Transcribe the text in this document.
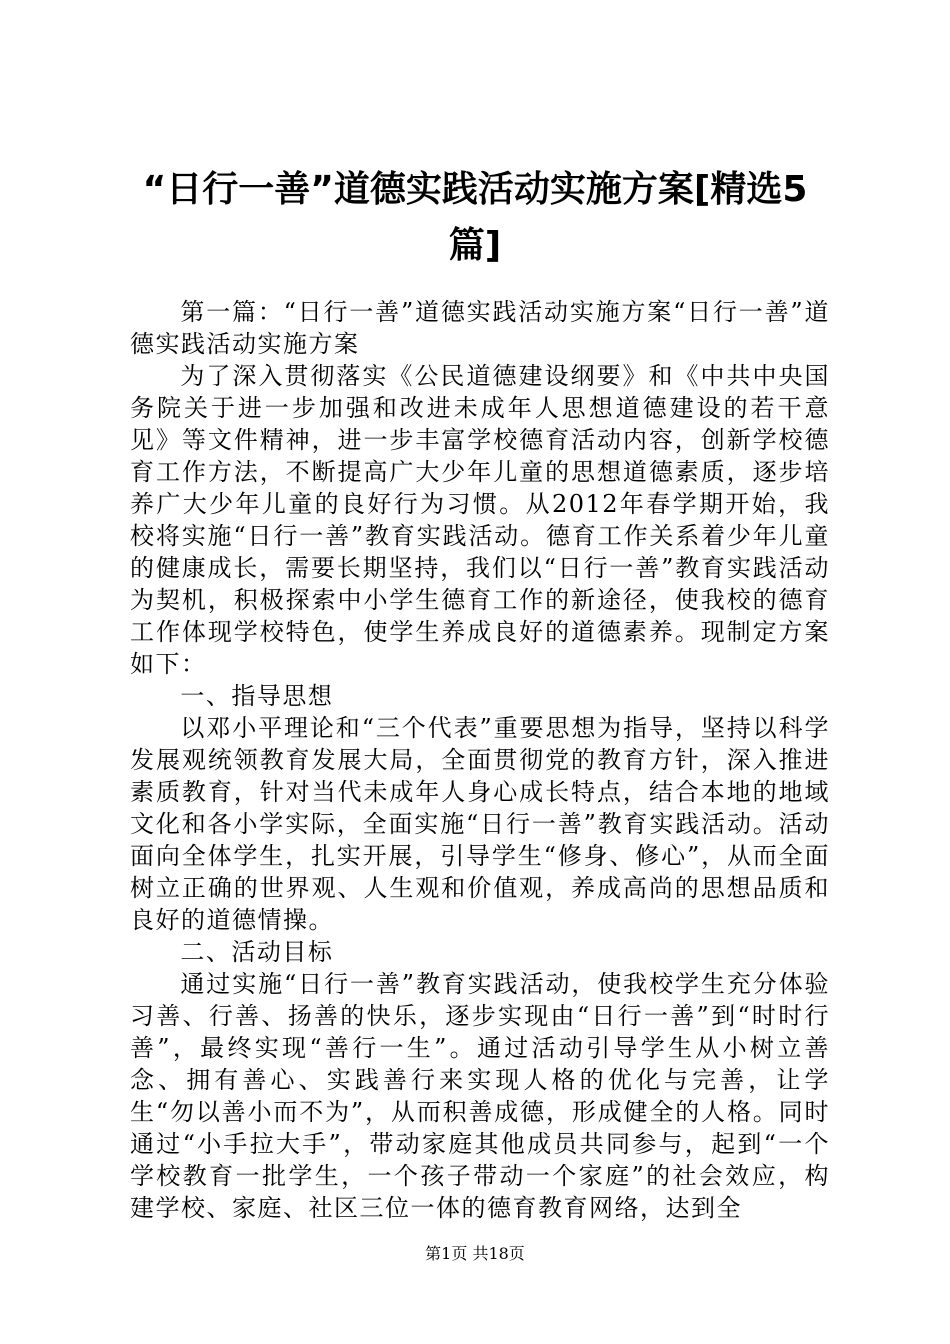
“日行一善”道德实践活动实施方案[精选5篇]

第一篇：“日行一善”道德实践活动实施方案“日行一善”道德实践活动实施方案

为了深入贯彻落实《公民道德建设纲要》和《中共中央国务院关于进一步加强和改进未成年人思想道德建设的若干意见》等文件精神，进一步丰富学校德育活动内容，创新学校德育工作方法，不断提高广大少年儿童的思想道德素质，逐步培养广大少年儿童的良好行为习惯。从2012年春学期开始，我校将实施“日行一善”教育实践活动。德育工作关系着少年儿童的健康成长，需要长期坚持，我们以“日行一善”教育实践活动为契机，积极探索中小学生德育工作的新途径，使我校的德育工作体现学校特色，使学生养成良好的道德素养。现制定方案如下：

一、指导思想

以邓小平理论和“三个代表”重要思想为指导，坚持以科学发展观统领教育发展大局，全面贯彻党的教育方针，深入推进素质教育，针对当代未成年人身心成长特点，结合本地的地域文化和各小学实际，全面实施“日行一善”教育实践活动。活动面向全体学生，扎实开展，引导学生“修身、修心”，从而全面树立正确的世界观、人生观和价值观，养成高尚的思想品质和良好的道德情操。

二、活动目标

通过实施“日行一善”教育实践活动，使我校学生充分体验习善、行善、扬善的快乐，逐步实现由“日行一善”到“时时行善”，最终实现“善行一生”。通过活动引导学生从小树立善念、拥有善心、实践善行来实现人格的优化与完善，让学生“勿以善小而不为”，从而积善成德，形成健全的人格。同时通过“小手拉大手”，带动家庭其他成员共同参与，起到“一个学校教育一批学生，一个孩子带动一个家庭”的社会效应，构建学校、家庭、社区三位一体的德育教育网络，达到全

第1页 共18页
